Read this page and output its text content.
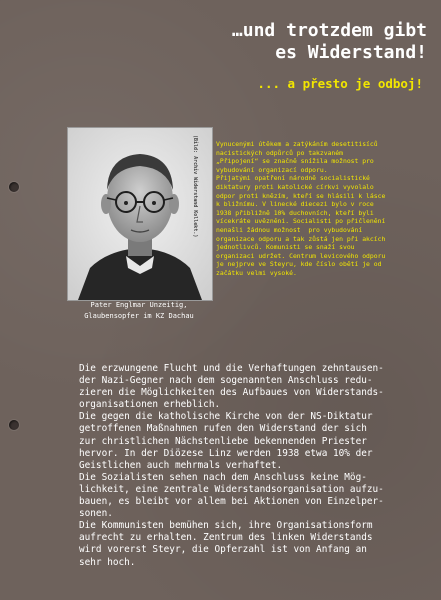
…und trotzdem gibt
es Widerstand!
... a přesto je odboj!
(Bild: Archiv Widerstand Kollekt.)
Pater Englmar Unzeitig,
Glaubensopfer im KZ Dachau
Vynucenými útěkem a zatýkáním desetitisíců
nacistických odpůrců po takzvaném
„Připojení“ se značně snížila možnost pro
vybudování organizací odporu.
Přijatými opatření národně socialistické
diktatury proti katolické církvi vyvolalo
odpor proti knězím, kteří se hlásili k lásce
k bližnímu. V linecké diecezi bylo v roce
1938 přibližně 10% duchovních, kteří byli
vícekráte uvězněni. Socialisti po přičlenění
nenašli žádnou možnost  pro vybudování
organizace odporu a tak zůstá jen při akcích
jednotlivců. Komunisti se snaží svou
organizaci udržet. Centrum levicového odporu
je nejprve ve Steyru, kde číslo obětí je od
začátku velmi vysoké.
Die erzwungene Flucht und die Verhaftungen zehntausen-
der Nazi-Gegner nach dem sogenannten Anschluss redu-
zieren die Möglichkeiten des Aufbaues von Widerstands-
organisationen erheblich.
Die gegen die katholische Kirche von der NS-Diktatur
getroffenen Maßnahmen rufen den Widerstand der sich
zur christlichen Nächstenliebe bekennenden Priester
hervor. In der Diözese Linz werden 1938 etwa 10% der
Geistlichen auch mehrmals verhaftet.
Die Sozialisten sehen nach dem Anschluss keine Mög-
lichkeit, eine zentrale Widerstandsorganisation aufzu-
bauen, es bleibt vor allem bei Aktionen von Einzelper-
sonen.
Die Kommunisten bemühen sich, ihre Organisationsform
aufrecht zu erhalten. Zentrum des linken Widerstands
wird vorerst Steyr, die Opferzahl ist von Anfang an
sehr hoch.
